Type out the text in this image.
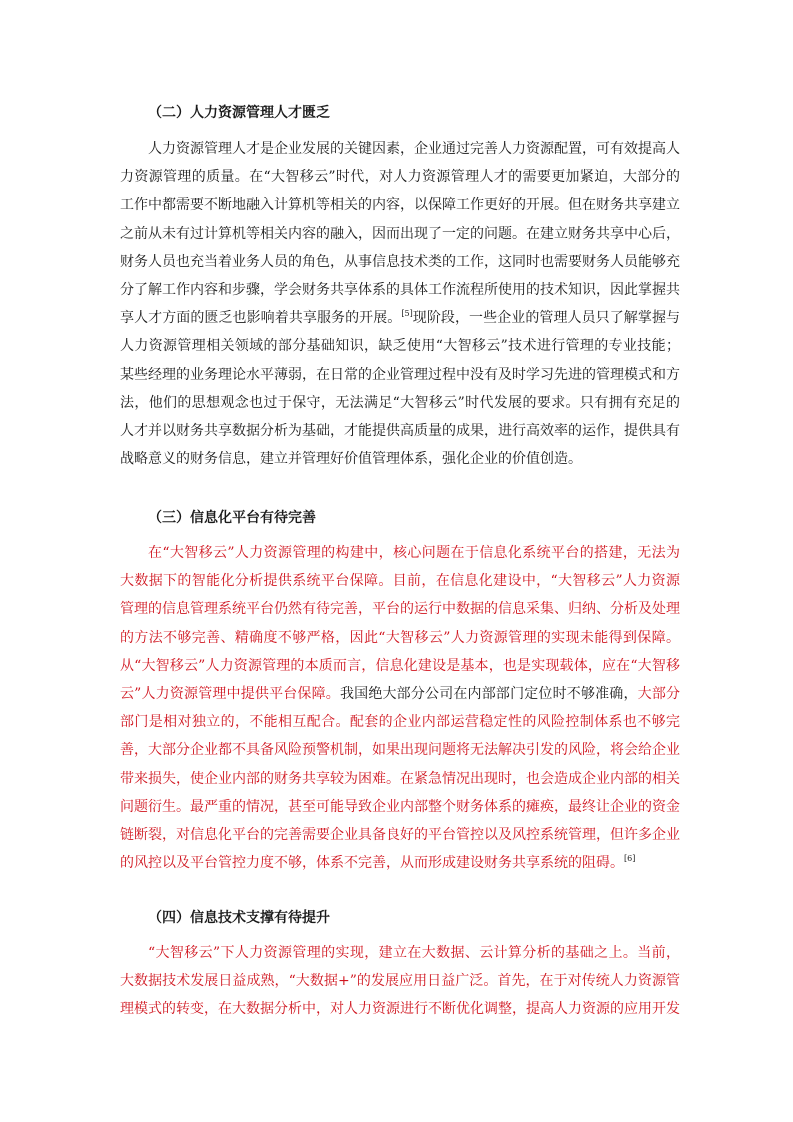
（二）人力资源管理人才匮乏

人力资源管理人才是企业发展的关键因素，企业通过完善人力资源配置，可有效提高人力资源管理的质量。在“大智移云”时代，对人力资源管理人才的需要更加紧迫，大部分的工作中都需要不断地融入计算机等相关的内容，以保障工作更好的开展。但在财务共享建立之前从未有过计算机等相关内容的融入，因而出现了一定的问题。在建立财务共享中心后，财务人员也充当着业务人员的角色，从事信息技术类的工作，这同时也需要财务人员能够充分了解工作内容和步骤，学会财务共享体系的具体工作流程所使用的技术知识，因此掌握共享人才方面的匮乏也影响着共享服务的开展。[5]现阶段，一些企业的管理人员只了解掌握与人力资源管理相关领域的部分基础知识，缺乏使用“大智移云”技术进行管理的专业技能；某些经理的业务理论水平薄弱，在日常的企业管理过程中没有及时学习先进的管理模式和方法，他们的思想观念也过于保守，无法满足“大智移云”时代发展的要求。只有拥有充足的人才并以财务共享数据分析为基础，才能提供高质量的成果，进行高效率的运作，提供具有战略意义的财务信息，建立并管理好价值管理体系，强化企业的价值创造。

（三）信息化平台有待完善

在“大智移云”人力资源管理的构建中，核心问题在于信息化系统平台的搭建，无法为大数据下的智能化分析提供系统平台保障。目前，在信息化建设中，“大智移云”人力资源管理的信息管理系统平台仍然有待完善，平台的运行中数据的信息采集、归纳、分析及处理的方法不够完善、精确度不够严格，因此“大智移云”人力资源管理的实现未能得到保障。从“大智移云”人力资源管理的本质而言，信息化建设是基本，也是实现载体，应在“大智移云”人力资源管理中提供平台保障。我国绝大部分公司在内部部门定位时不够准确，大部分部门是相对独立的，不能相互配合。配套的企业内部运营稳定性的风险控制体系也不够完善，大部分企业都不具备风险预警机制，如果出现问题将无法解决引发的风险，将会给企业带来损失，使企业内部的财务共享较为困难。在紧急情况出现时，也会造成企业内部的相关问题衍生。最严重的情况，甚至可能导致企业内部整个财务体系的瘫痪，最终让企业的资金链断裂，对信息化平台的完善需要企业具备良好的平台管控以及风控系统管理，但许多企业的风控以及平台管控力度不够，体系不完善，从而形成建设财务共享系统的阻碍。[6]

（四）信息技术支撑有待提升

“大智移云”下人力资源管理的实现，建立在大数据、云计算分析的基础之上。当前，大数据技术发展日益成熟，“大数据+”的发展应用日益广泛。首先，在于对传统人力资源管理模式的转变，在大数据分析中，对人力资源进行不断优化调整，提高人力资源的应用开发
